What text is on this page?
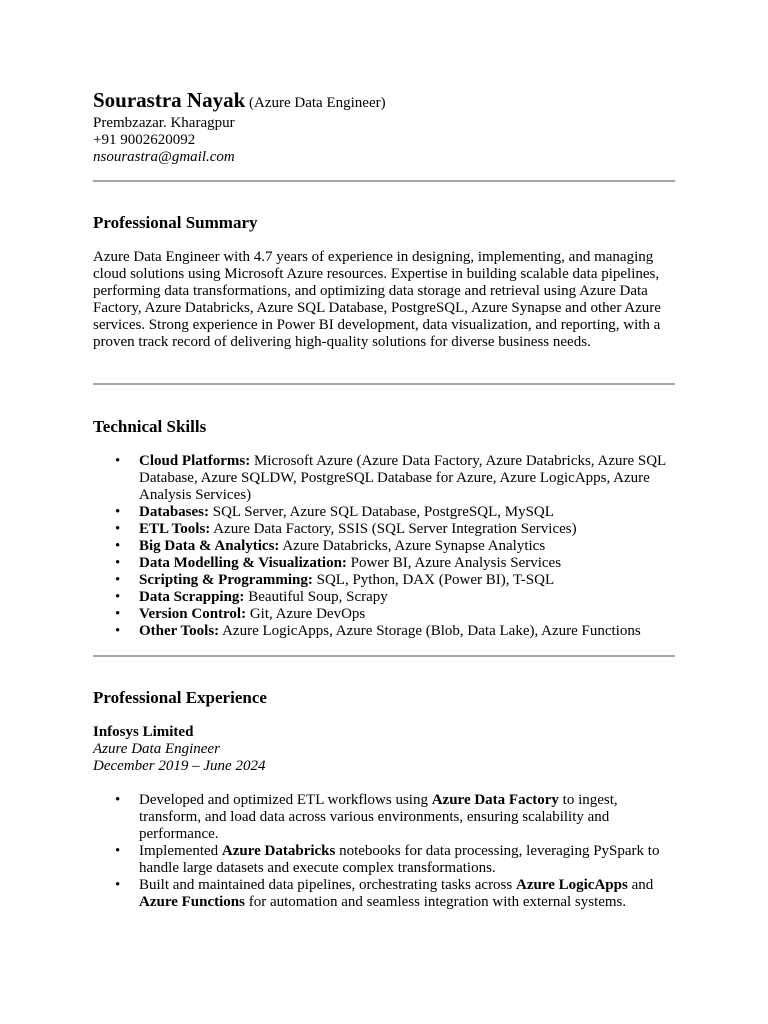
Sourastra Nayak (Azure Data Engineer)
Prembzazar. Kharagpur
+91 9002620092
nsourastra@gmail.com
Professional Summary

Azure Data Engineer with 4.7 years of experience in designing, implementing, and managing cloud solutions using Microsoft Azure resources. Expertise in building scalable data pipelines, performing data transformations, and optimizing data storage and retrieval using Azure Data Factory, Azure Databricks, Azure SQL Database, PostgreSQL, Azure Synapse and other Azure services. Strong experience in Power BI development, data visualization, and reporting, with a proven track record of delivering high-quality solutions for diverse business needs.

Technical Skills
• Cloud Platforms: Microsoft Azure (Azure Data Factory, Azure Databricks, Azure SQL Database, Azure SQLDW, PostgreSQL Database for Azure, Azure LogicApps, Azure Analysis Services)
• Databases: SQL Server, Azure SQL Database, PostgreSQL, MySQL
• ETL Tools: Azure Data Factory, SSIS (SQL Server Integration Services)
• Big Data & Analytics: Azure Databricks, Azure Synapse Analytics
• Data Modelling & Visualization: Power BI, Azure Analysis Services
• Scripting & Programming: SQL, Python, DAX (Power BI), T-SQL
• Data Scrapping: Beautiful Soup, Scrapy
• Version Control: Git, Azure DevOps
• Other Tools: Azure LogicApps, Azure Storage (Blob, Data Lake), Azure Functions
Professional Experience
Infosys Limited
Azure Data Engineer
December 2019 – June 2024
• Developed and optimized ETL workflows using Azure Data Factory to ingest, transform, and load data across various environments, ensuring scalability and performance.
• Implemented Azure Databricks notebooks for data processing, leveraging PySpark to handle large datasets and execute complex transformations.
• Built and maintained data pipelines, orchestrating tasks across Azure LogicApps and Azure Functions for automation and seamless integration with external systems.
